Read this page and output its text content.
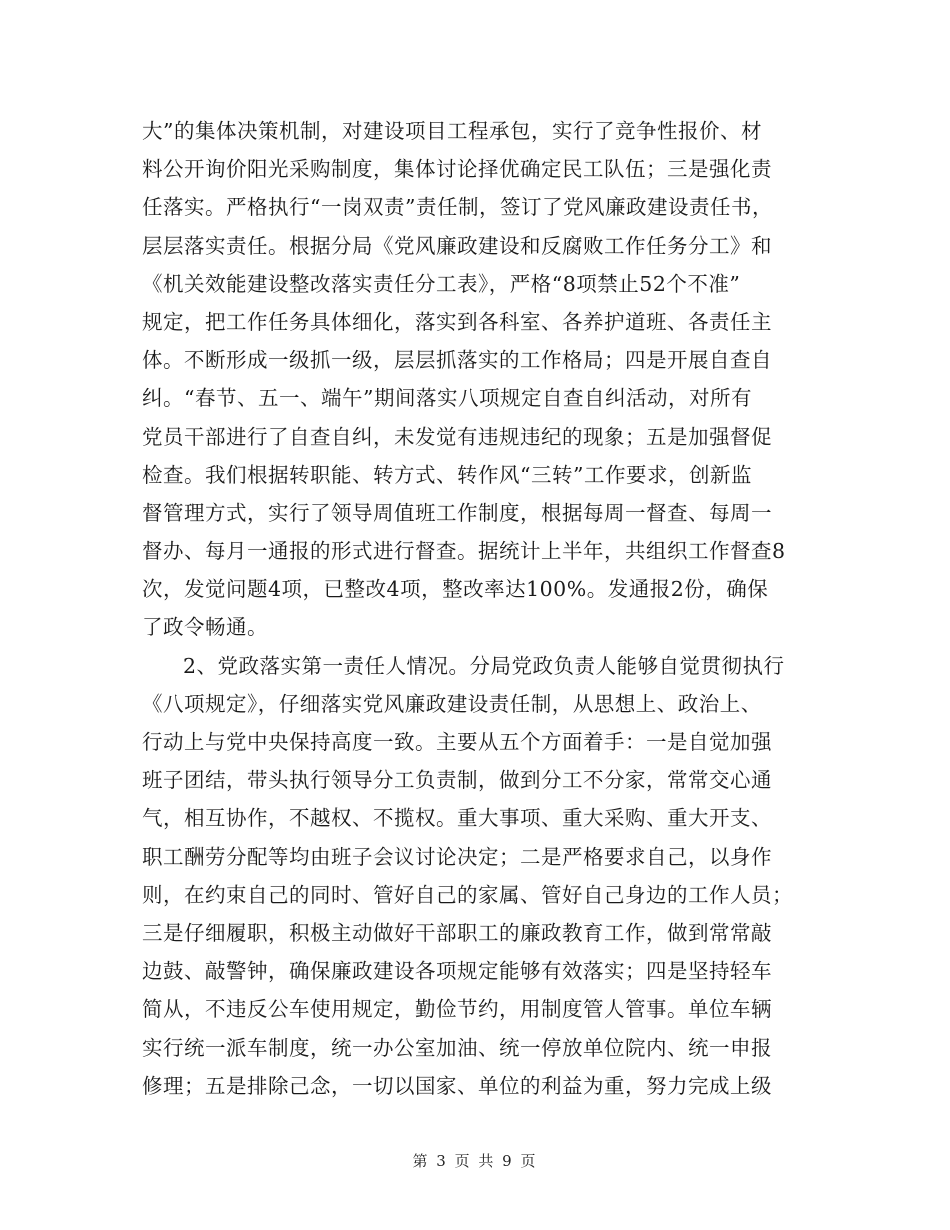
大”的集体决策机制，对建设项目工程承包，实行了竞争性报价、材
料公开询价阳光采购制度，集体讨论择优确定民工队伍；三是强化责
任落实。严格执行“一岗双责”责任制，签订了党风廉政建设责任书，
层层落实责任。根据分局《党风廉政建设和反腐败工作任务分工》和
《机关效能建设整改落实责任分工表》，严格“8项禁止52个不准”
规定，把工作任务具体细化，落实到各科室、各养护道班、各责任主
体。不断形成一级抓一级，层层抓落实的工作格局；四是开展自查自
纠。“春节、五一、端午”期间落实八项规定自查自纠活动，对所有
党员干部进行了自查自纠，未发觉有违规违纪的现象；五是加强督促
检查。我们根据转职能、转方式、转作风“三转”工作要求，创新监
督管理方式，实行了领导周值班工作制度，根据每周一督查、每周一
督办、每月一通报的形式进行督查。据统计上半年，共组织工作督查8
次，发觉问题4项，已整改4项，整改率达100%。发通报2份，确保
了政令畅通。
2、党政落实第一责任人情况。分局党政负责人能够自觉贯彻执行
《八项规定》，仔细落实党风廉政建设责任制，从思想上、政治上、
行动上与党中央保持高度一致。主要从五个方面着手：一是自觉加强
班子团结，带头执行领导分工负责制，做到分工不分家，常常交心通
气，相互协作，不越权、不揽权。重大事项、重大采购、重大开支、
职工酬劳分配等均由班子会议讨论决定；二是严格要求自己，以身作
则，在约束自己的同时、管好自己的家属、管好自己身边的工作人员；
三是仔细履职，积极主动做好干部职工的廉政教育工作，做到常常敲
边鼓、敲警钟，确保廉政建设各项规定能够有效落实；四是坚持轻车
简从，不违反公车使用规定，勤俭节约，用制度管人管事。单位车辆
实行统一派车制度，统一办公室加油、统一停放单位院内、统一申报
修理；五是排除己念，一切以国家、单位的利益为重，努力完成上级
第 3 页 共 9 页
